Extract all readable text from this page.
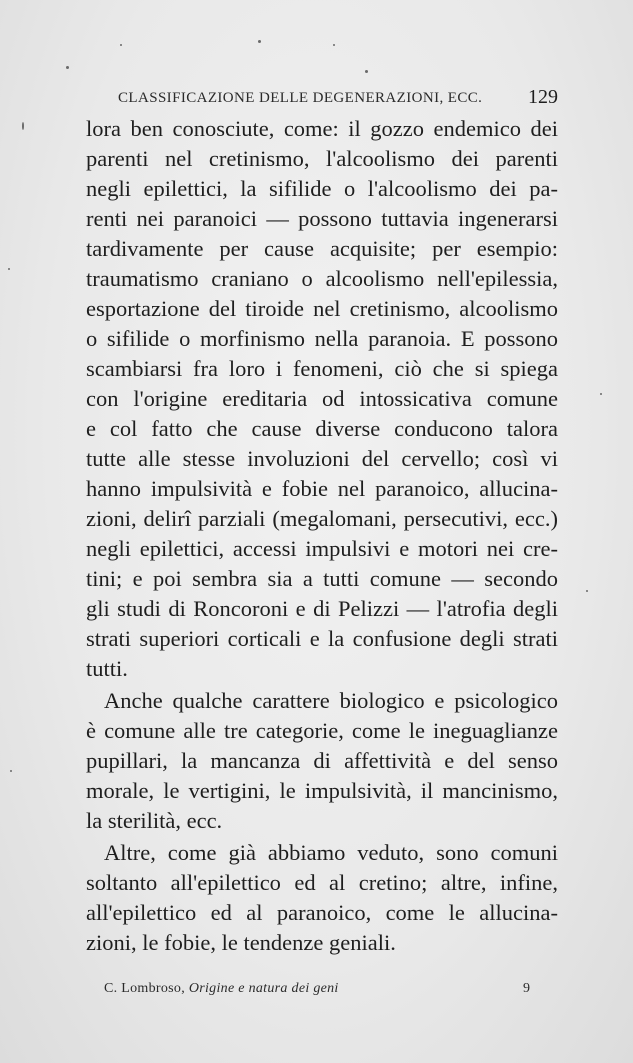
CLASSIFICAZIONE DELLE DEGENERAZIONI, ECC. 129
lora ben conosciute, come: il gozzo endemico dei
parenti nel cretinismo, l'alcoolismo dei parenti
negli epilettici, la sifilide o l'alcoolismo dei pa-
renti nei paranoici — possono tuttavia ingenerarsi
tardivamente per cause acquisite; per esempio:
traumatismo craniano o alcoolismo nell'epilessia,
esportazione del tiroide nel cretinismo, alcoolismo
o sifilide o morfinismo nella paranoia. E possono
scambiarsi fra loro i fenomeni, ciò che si spiega
con l'origine ereditaria od intossicativa comune
e col fatto che cause diverse conducono talora
tutte alle stesse involuzioni del cervello; così vi
hanno impulsività e fobie nel paranoico, allucina-
zioni, delirî parziali (megalomani, persecutivi, ecc.)
negli epilettici, accessi impulsivi e motori nei cre-
tini; e poi sembra sia a tutti comune — secondo
gli studi di Roncoroni e di Pelizzi — l'atrofia degli
strati superiori corticali e la confusione degli strati
tutti.
Anche qualche carattere biologico e psicologico
è comune alle tre categorie, come le ineguaglianze
pupillari, la mancanza di affettività e del senso
morale, le vertigini, le impulsività, il mancinismo,
la sterilità, ecc.
Altre, come già abbiamo veduto, sono comuni
soltanto all'epilettico ed al cretino; altre, infine,
all'epilettico ed al paranoico, come le allucina-
zioni, le fobie, le tendenze geniali.
C. Lombroso, Origine e natura dei geni	9
